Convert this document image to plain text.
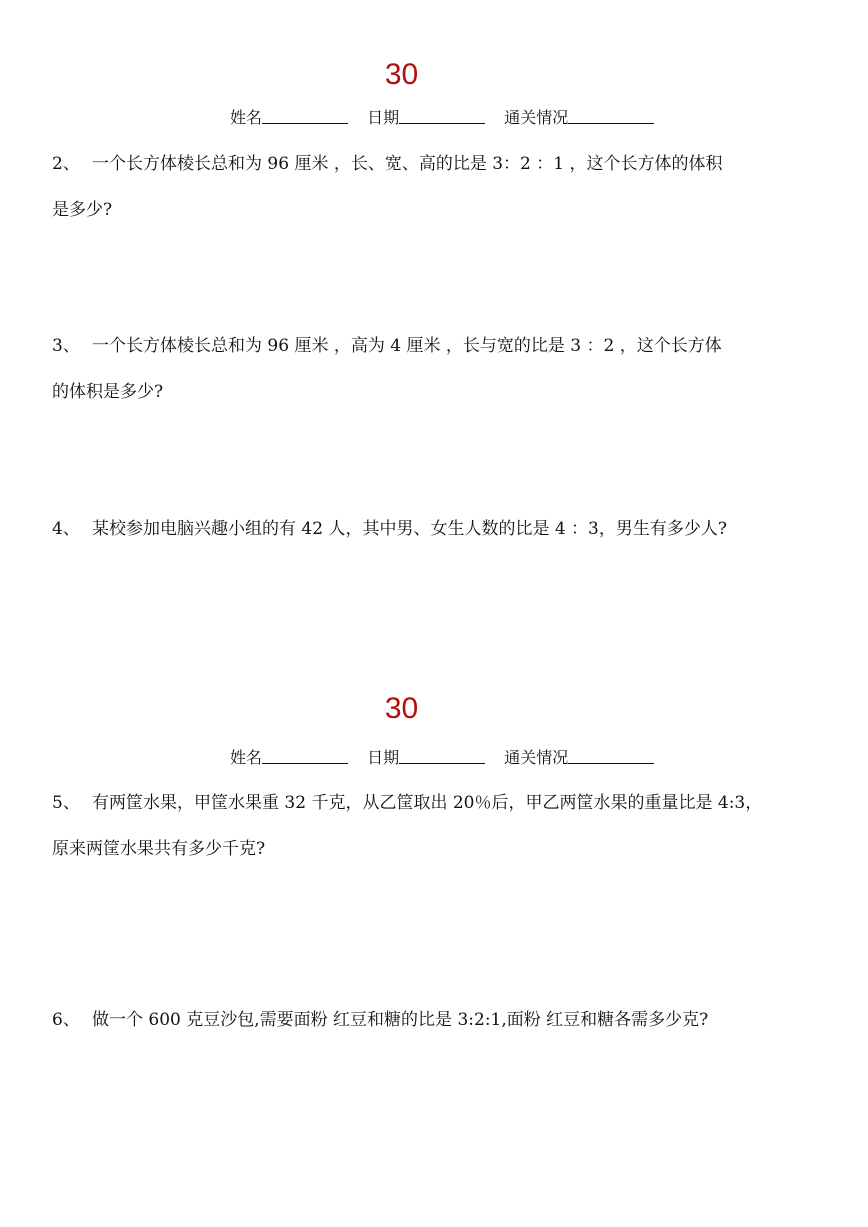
30
姓名	日期	通关情况
2、 一个长方体棱长总和为 96 厘米 ，长、宽、高的比是 3：2 ：1 ，这个长方体的体积
是多少?
3、 一个长方体棱长总和为 96 厘米 ，高为 4 厘米 ，长与宽的比是 3 ：2 ，这个长方体
的体积是多少?
4、 某校参加电脑兴趣小组的有 42 人，其中男、女生人数的比是 4 ：3，男生有多少人?
30
姓名	日期	通关情况
5、 有两筐水果，甲筐水果重 32 千克，从乙筐取出 20％后，甲乙两筐水果的重量比是 4:3，
原来两筐水果共有多少千克?
6、 做一个 600 克豆沙包,需要面粉 红豆和糖的比是 3:2:1,面粉 红豆和糖各需多少克?
